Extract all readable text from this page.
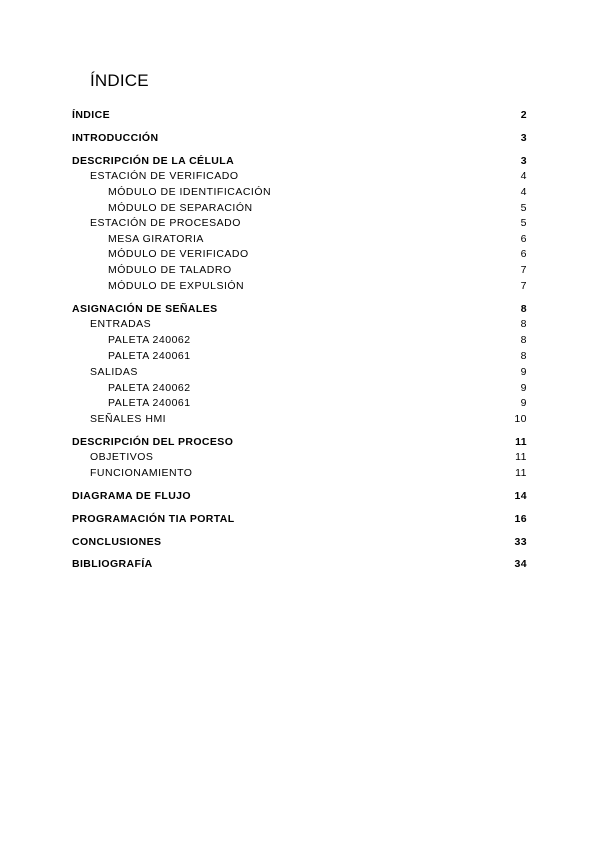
ÍNDICE
ÍNDICE	2
INTRODUCCIÓN	3
DESCRIPCIÓN DE LA CÉLULA	3
ESTACIÓN DE VERIFICADO	4
MÓDULO DE IDENTIFICACIÓN	4
MÓDULO DE SEPARACIÓN	5
ESTACIÓN DE PROCESADO	5
MESA GIRATORIA	6
MÓDULO DE VERIFICADO	6
MÓDULO DE TALADRO	7
MÓDULO DE EXPULSIÓN	7
ASIGNACIÓN DE SEÑALES	8
ENTRADAS	8
PALETA 240062	8
PALETA 240061	8
SALIDAS	9
PALETA 240062	9
PALETA 240061	9
SEÑALES HMI	10
DESCRIPCIÓN DEL PROCESO	11
OBJETIVOS	11
FUNCIONAMIENTO	11
DIAGRAMA DE FLUJO	14
PROGRAMACIÓN TIA PORTAL	16
CONCLUSIONES	33
BIBLIOGRAFÍA	34
